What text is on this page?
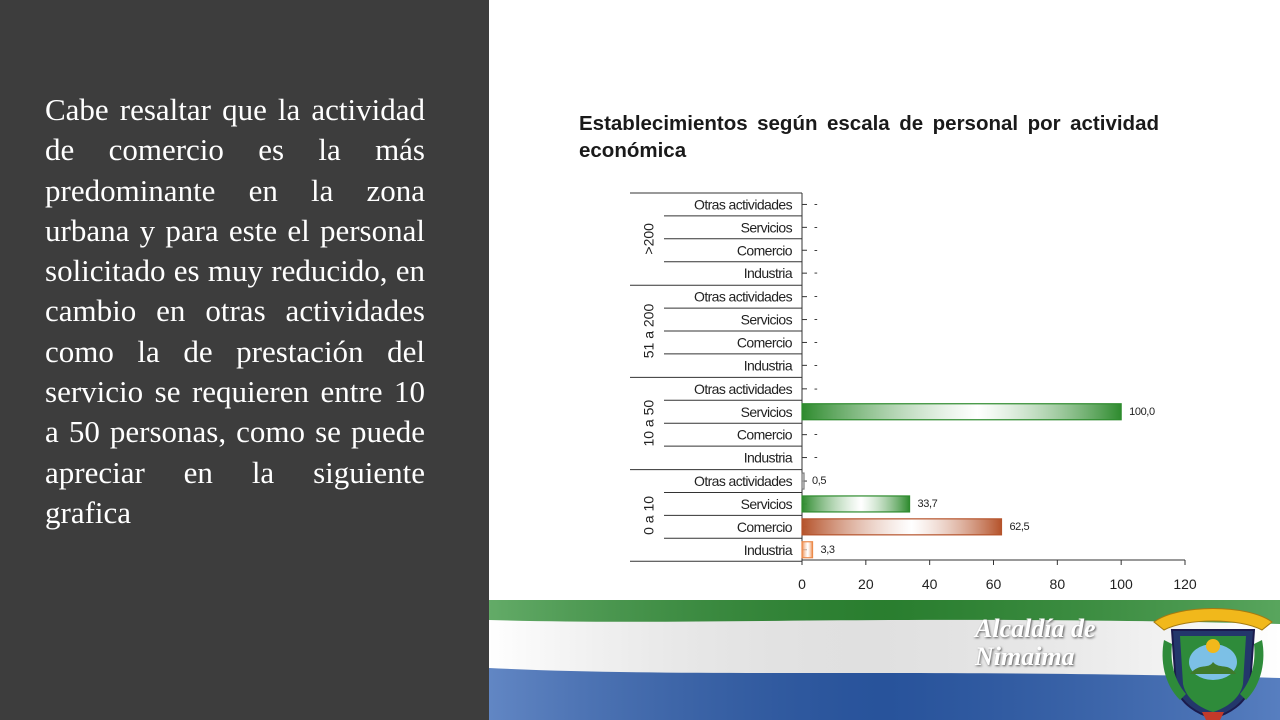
Cabe resaltar que la actividad de comercio es la más predominante en la zona urbana y para este el personal solicitado es muy reducido, en cambio en otras actividades como la de prestación del servicio se requieren entre 10 a 50 personas, como se puede apreciar en la siguiente grafica

Establecimientos según escala de personal por actividad económica

>200
51 a 200
10 a 50
0 a 10
Otras actividades -
Servicios -
Comercio -
Industria -
Otras actividades -
Servicios -
Comercio -
Industria -
Otras actividades -
Servicios	100,0
Comercio -
Industria -
Otras actividades 0,5
Servicios	33,7
Comercio	62,5
Industria	3,3
0	20	40	60	80	100	120

Alcaldía de Nimaima
